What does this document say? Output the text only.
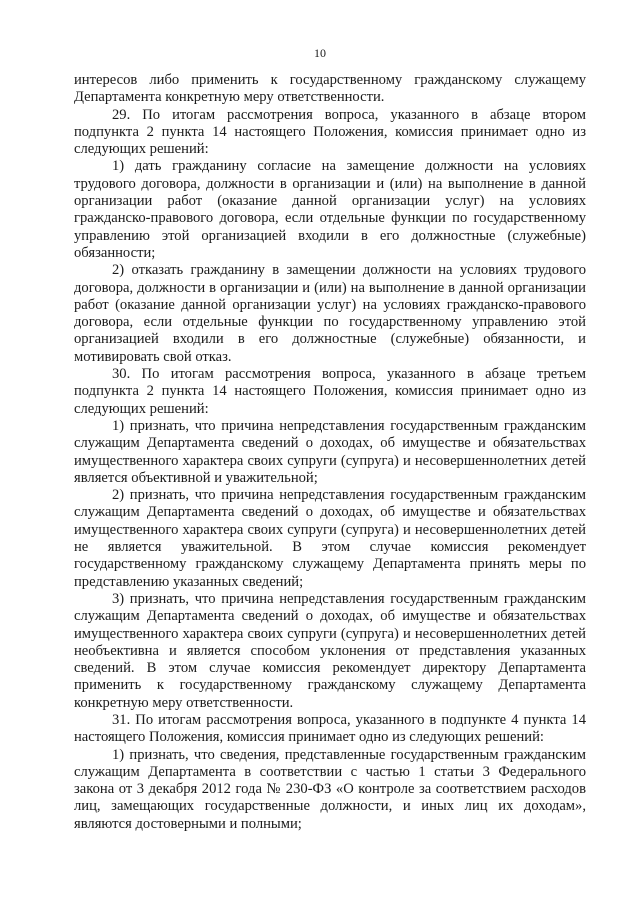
10

интересов либо применить к государственному гражданскому служащему Департамента конкретную меру ответственности.

29. По итогам рассмотрения вопроса, указанного в абзаце втором подпункта 2 пункта 14 настоящего Положения, комиссия принимает одно из следующих решений:

1) дать гражданину согласие на замещение должности на условиях трудового договора, должности в организации и (или) на выполнение в данной организации работ (оказание данной организации услуг) на условиях гражданско-правового договора, если отдельные функции по государственному управлению этой организацией входили в его должностные (служебные) обязанности;

2) отказать гражданину в замещении должности на условиях трудового договора, должности в организации и (или) на выполнение в данной организации работ (оказание данной организации услуг) на условиях гражданско-правового договора, если отдельные функции по государственному управлению этой организацией входили в его должностные (служебные) обязанности, и мотивировать свой отказ.

30. По итогам рассмотрения вопроса, указанного в абзаце третьем подпункта 2 пункта 14 настоящего Положения, комиссия принимает одно из следующих решений:

1) признать, что причина непредставления государственным гражданским служащим Департамента сведений о доходах, об имуществе и обязательствах имущественного характера своих супруги (супруга) и несовершеннолетних детей является объективной и уважительной;

2) признать, что причина непредставления государственным гражданским служащим Департамента сведений о доходах, об имуществе и обязательствах имущественного характера своих супруги (супруга) и несовершеннолетних детей не является уважительной. В этом случае комиссия рекомендует государственному гражданскому служащему Департамента принять меры по представлению указанных сведений;

3) признать, что причина непредставления государственным гражданским служащим Департамента сведений о доходах, об имуществе и обязательствах имущественного характера своих супруги (супруга) и несовершеннолетних детей необъективна и является способом уклонения от представления указанных сведений. В этом случае комиссия рекомендует директору Департамента применить к государственному гражданскому служащему Департамента конкретную меру ответственности.

31. По итогам рассмотрения вопроса, указанного в подпункте 4 пункта 14 настоящего Положения, комиссия принимает одно из следующих решений:

1) признать, что сведения, представленные государственным гражданским служащим Департамента в соответствии с частью 1 статьи 3 Федерального закона от 3 декабря 2012 года № 230-ФЗ «О контроле за соответствием расходов лиц, замещающих государственные должности, и иных лиц их доходам», являются достоверными и полными;
